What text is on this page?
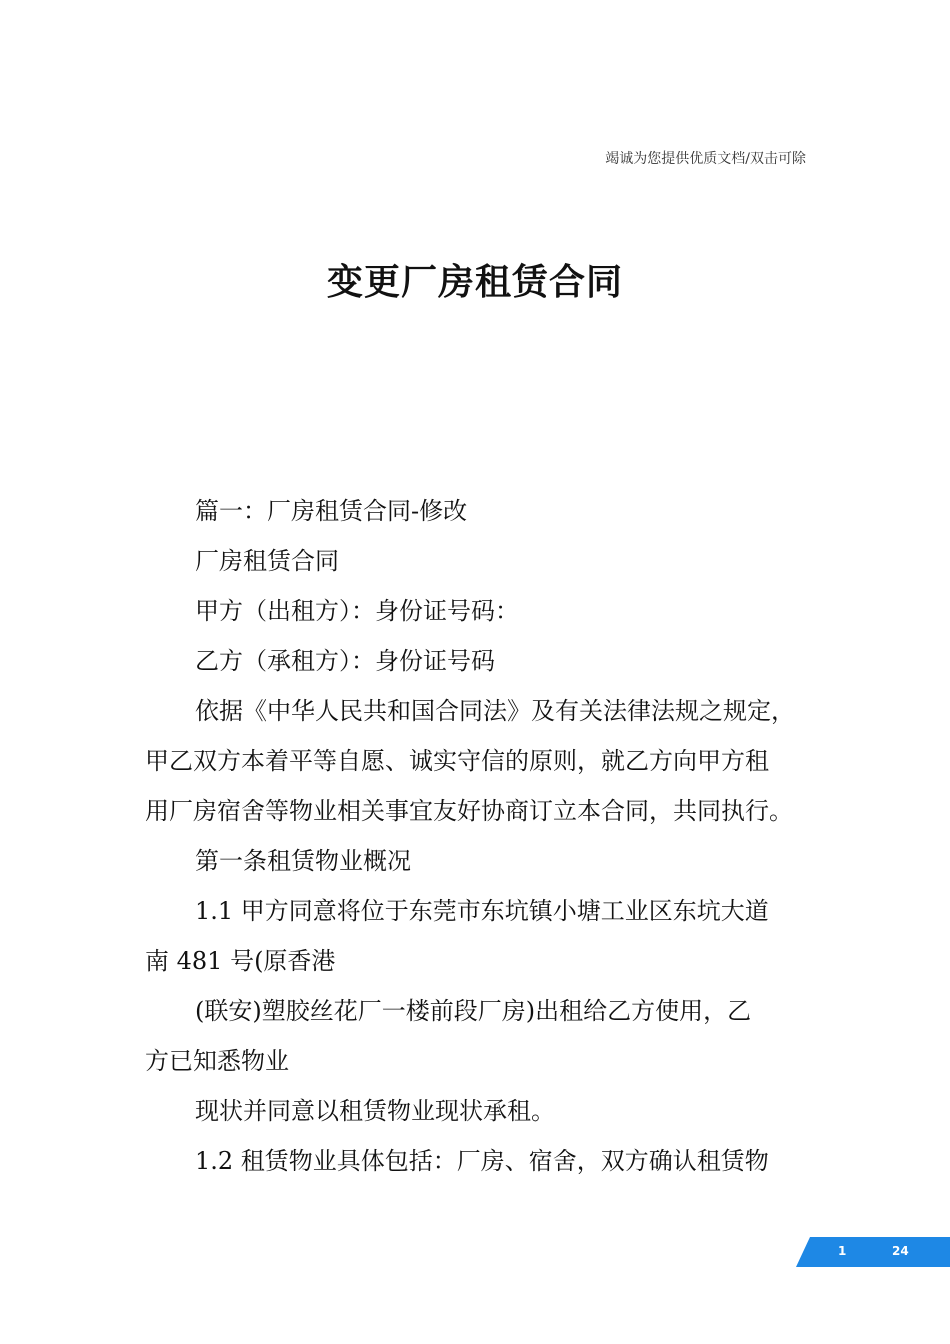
竭诚为您提供优质文档/双击可除
变更厂房租赁合同
篇一：厂房租赁合同-修改
厂房租赁合同
甲方（出租方）：身份证号码：
乙方（承租方）：身份证号码
依据《中华人民共和国合同法》及有关法律法规之规定，
甲乙双方本着平等自愿、诚实守信的原则，就乙方向甲方租
用厂房宿舍等物业相关事宜友好协商订立本合同，共同执行。
第一条租赁物业概况
1.1 甲方同意将位于东莞市东坑镇小塘工业区东坑大道
南 481 号(原香港
(联安)塑胶丝花厂一楼前段厂房)出租给乙方使用，乙
方已知悉物业
现状并同意以租赁物业现状承租。
1.2 租赁物业具体包括：厂房、宿舍，双方确认租赁物
1	24
